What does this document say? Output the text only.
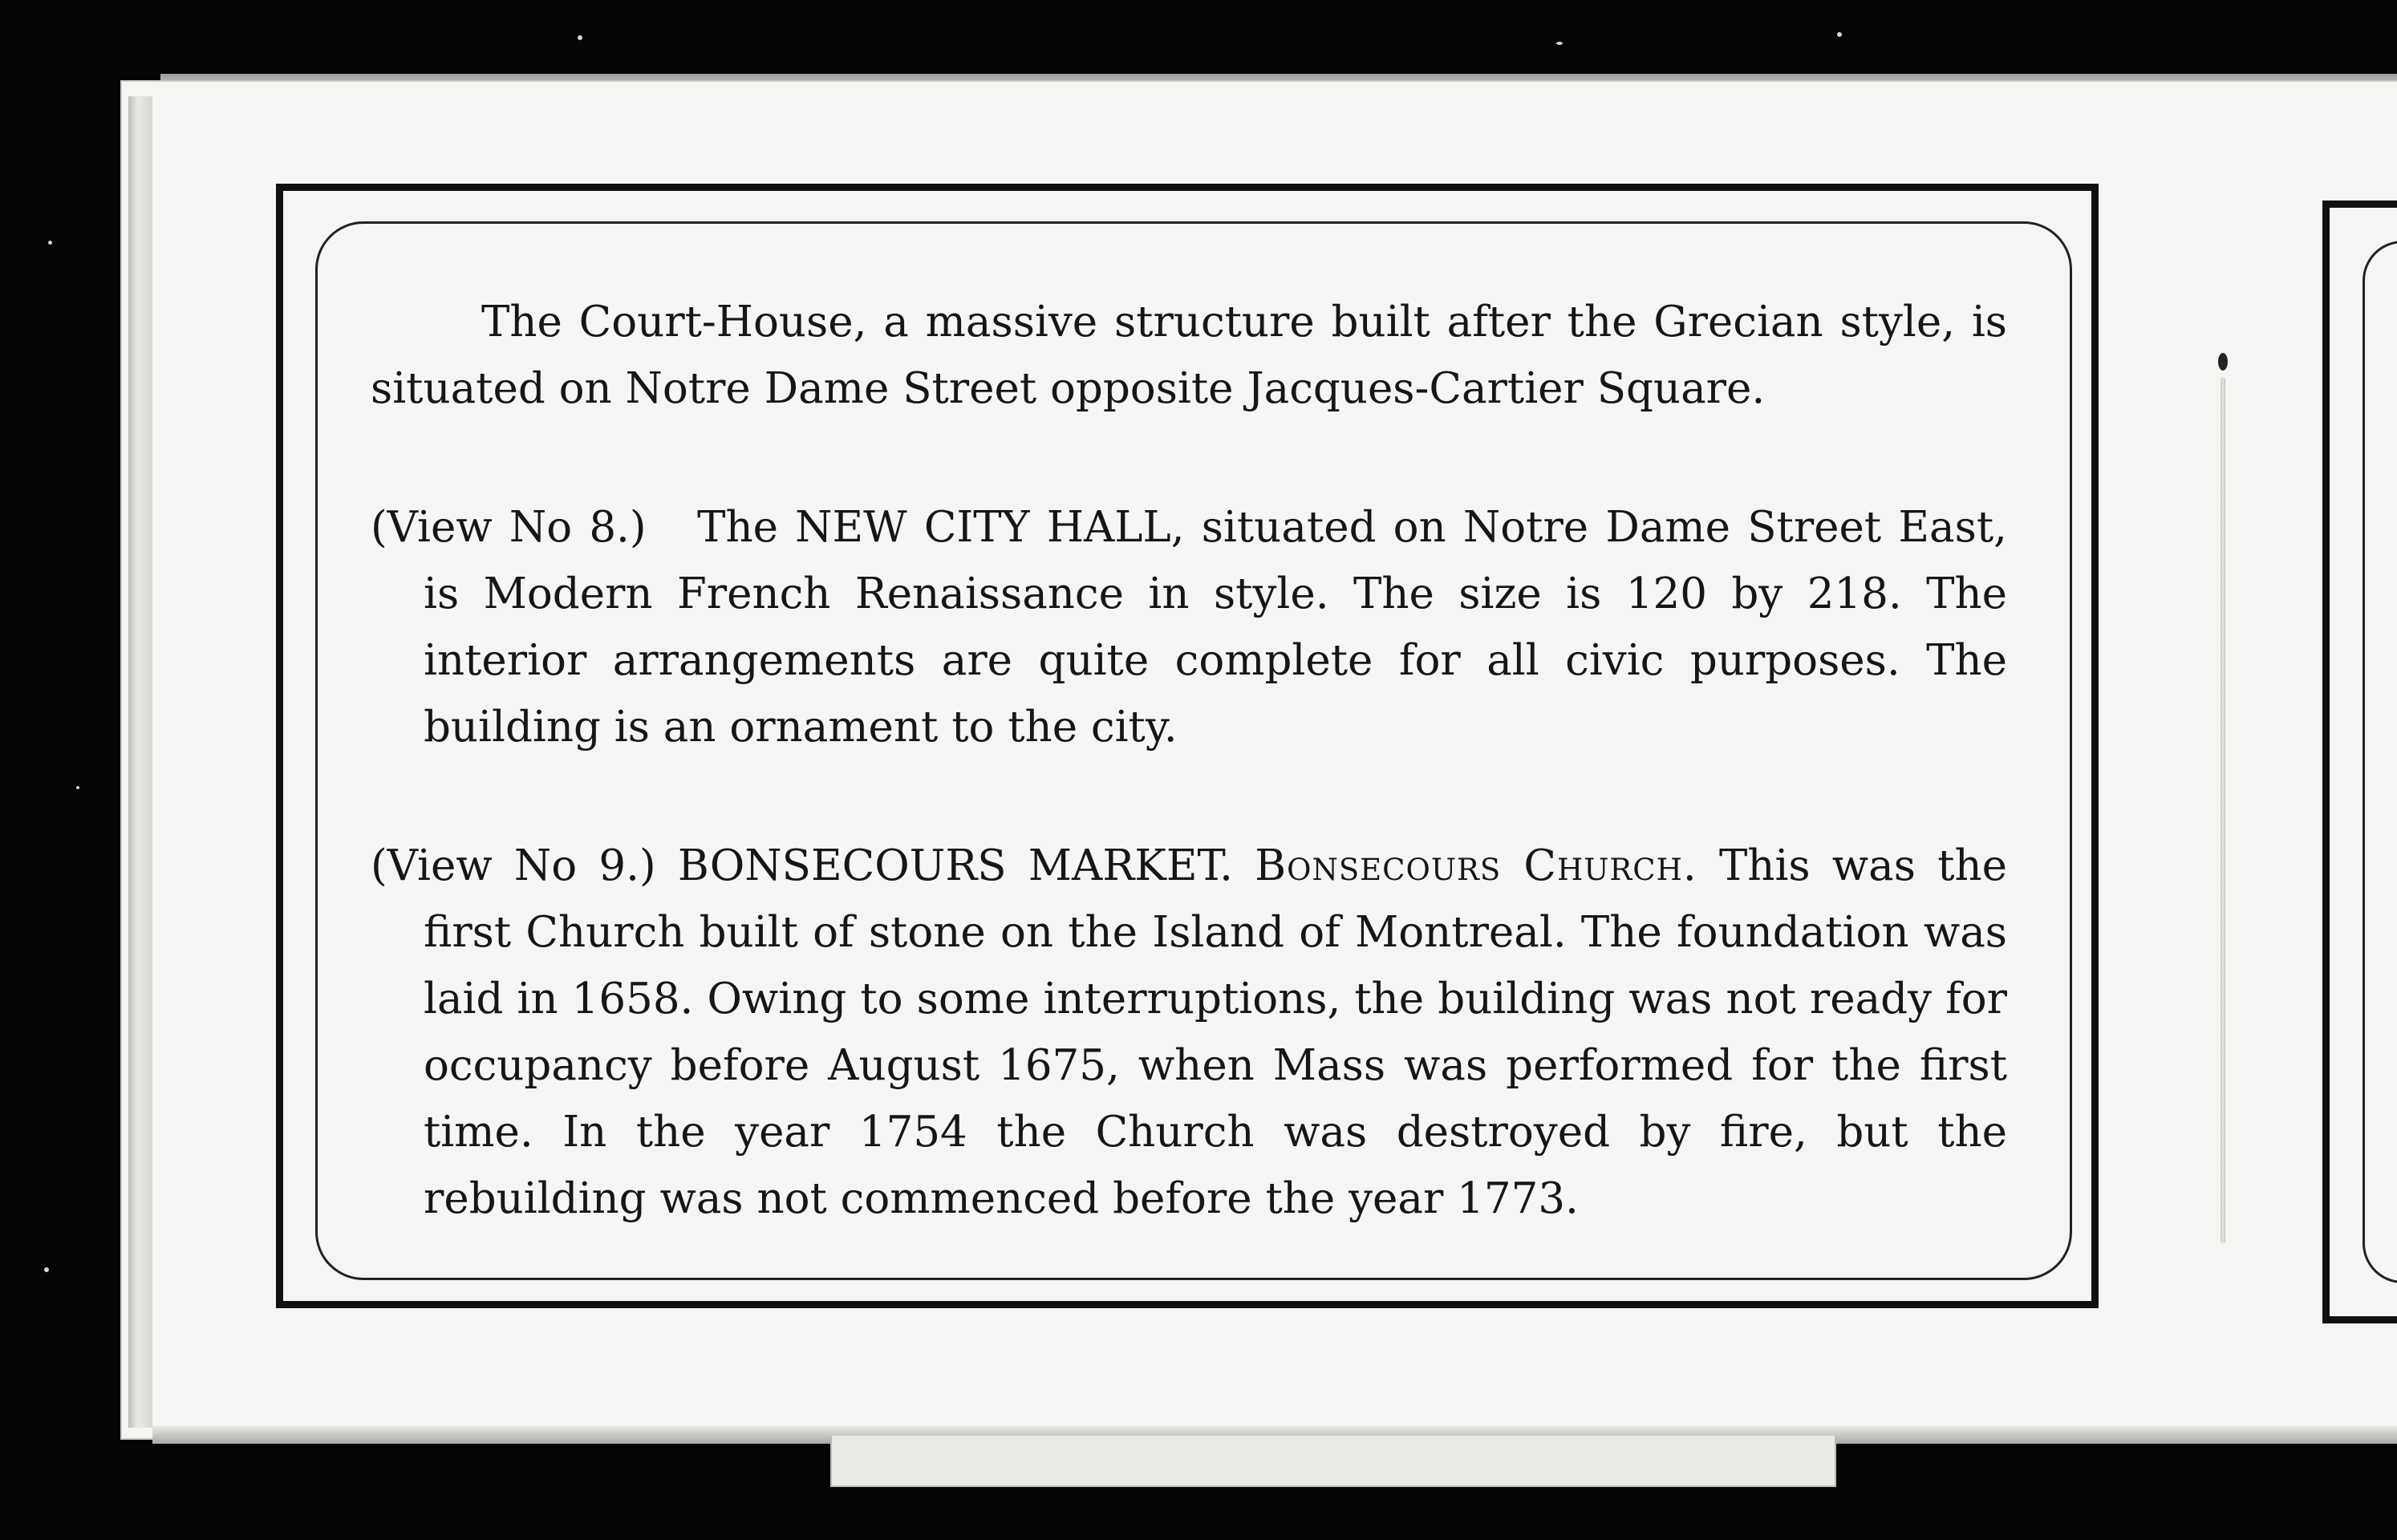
The Court-House, a massive structure built after the Grecian style, is situated on Notre Dame Street opposite Jacques-Cartier Square.
(View No 8.) The NEW CITY HALL, situated on Notre Dame Street East, is Modern French Renaissance in style. The size is 120 by 218. The interior arrangements are quite complete for all civic purposes. The building is an ornament to the city.
(View No 9.) BONSECOURS MARKET. Bonsecours Church. This was the first Church built of stone on the Island of Montreal. The foundation was laid in 1658. Owing to some interruptions, the building was not ready for occupancy before August 1675, when Mass was performed for the first time. In the year 1754 the Church was destroyed by fire, but the rebuilding was not commenced before the year 1773.
